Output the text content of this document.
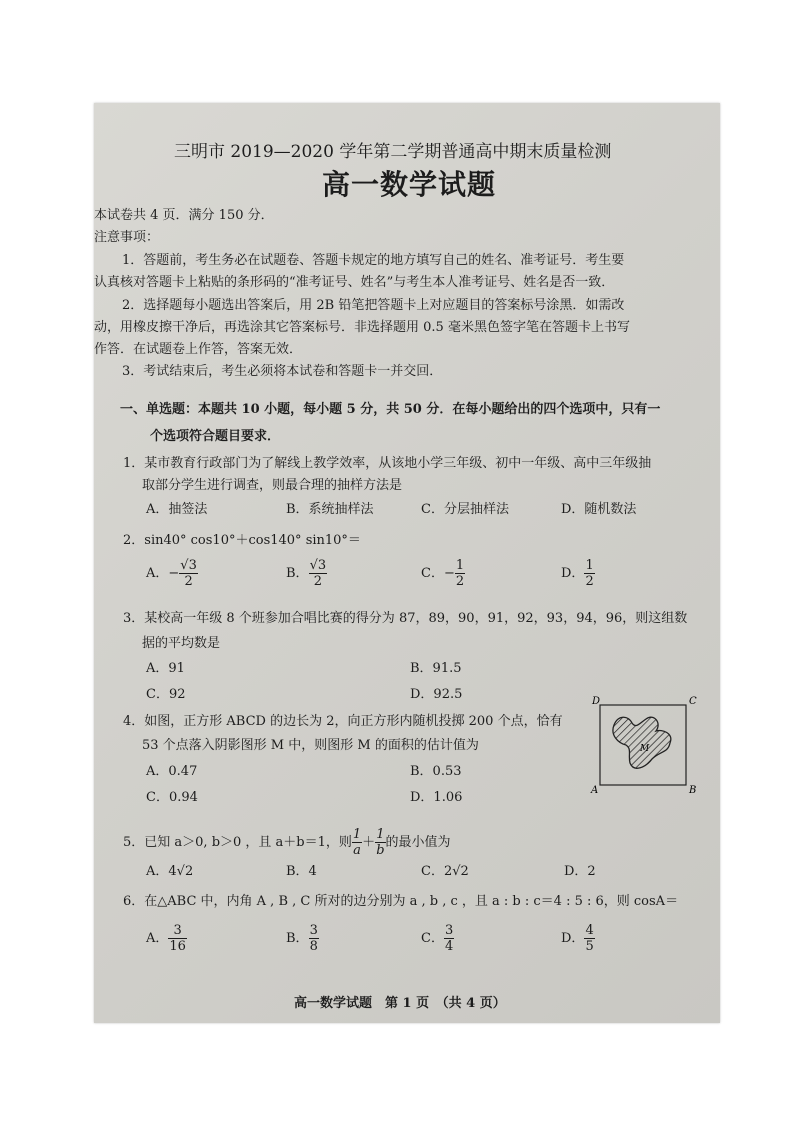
三明市 2019—2020 学年第二学期普通高中期末质量检测
高一数学试题
本试卷共 4 页．满分 150 分．
注意事项：
1．答题前，考生务必在试题卷、答题卡规定的地方填写自己的姓名、准考证号．考生要
认真核对答题卡上粘贴的条形码的“准考证号、姓名”与考生本人准考证号、姓名是否一致．
2．选择题每小题选出答案后，用 2B 铅笔把答题卡上对应题目的答案标号涂黑．如需改
动，用橡皮擦干净后，再选涂其它答案标号．非选择题用 0.5 毫米黑色签字笔在答题卡上书写
作答．在试题卷上作答，答案无效．
3．考试结束后，考生必须将本试卷和答题卡一并交回．
一、单选题：本题共 10 小题，每小题 5 分，共 50 分．在每小题给出的四个选项中，只有一
个选项符合题目要求．
1．某市教育行政部门为了解线上教学效率，从该地小学三年级、初中一年级、高中三年级抽
取部分学生进行调查，则最合理的抽样方法是
A．抽签法	B．系统抽样法	C．分层抽样法	D．随机数法
2．sin40° cos10°＋cos140° sin10°＝
A．− $\frac{√3}{2}$	B． $\frac{√3}{2}$	C．− $\frac{1}{2}$	D． $\frac{1}{2}$
3．某校高一年级 8 个班参加合唱比赛的得分为 87，89，90，91，92，93，94，96，则这组数
据的平均数是
A．91	B．91.5
C．92	D．92.5
4．如图，正方形 ABCD 的边长为 2，向正方形内随机投掷 200 个点，恰有
53 个点落入阴影图形 M 中，则图形 M 的面积的估计值为
A．0.47	B．0.53
C．0.94	D．1.06
D	C
A	B
M
5．已知 a＞0, b＞0 ，且 a＋b＝1，则 $\frac{1}{a} + \frac{1}{b}$ 的最小值为
A．4√2	B．4	C．2√2	D．2
6．在△ABC 中，内角 A , B , C 所对的边分别为 a , b , c ，且 a : b : c＝4 : 5 : 6，则 cosA＝
A． $\frac{3}{16}$	B． $\frac{3}{8}$	C． $\frac{3}{4}$	D． $\frac{4}{5}$
高一数学试题　第 1 页　（共 4 页）
